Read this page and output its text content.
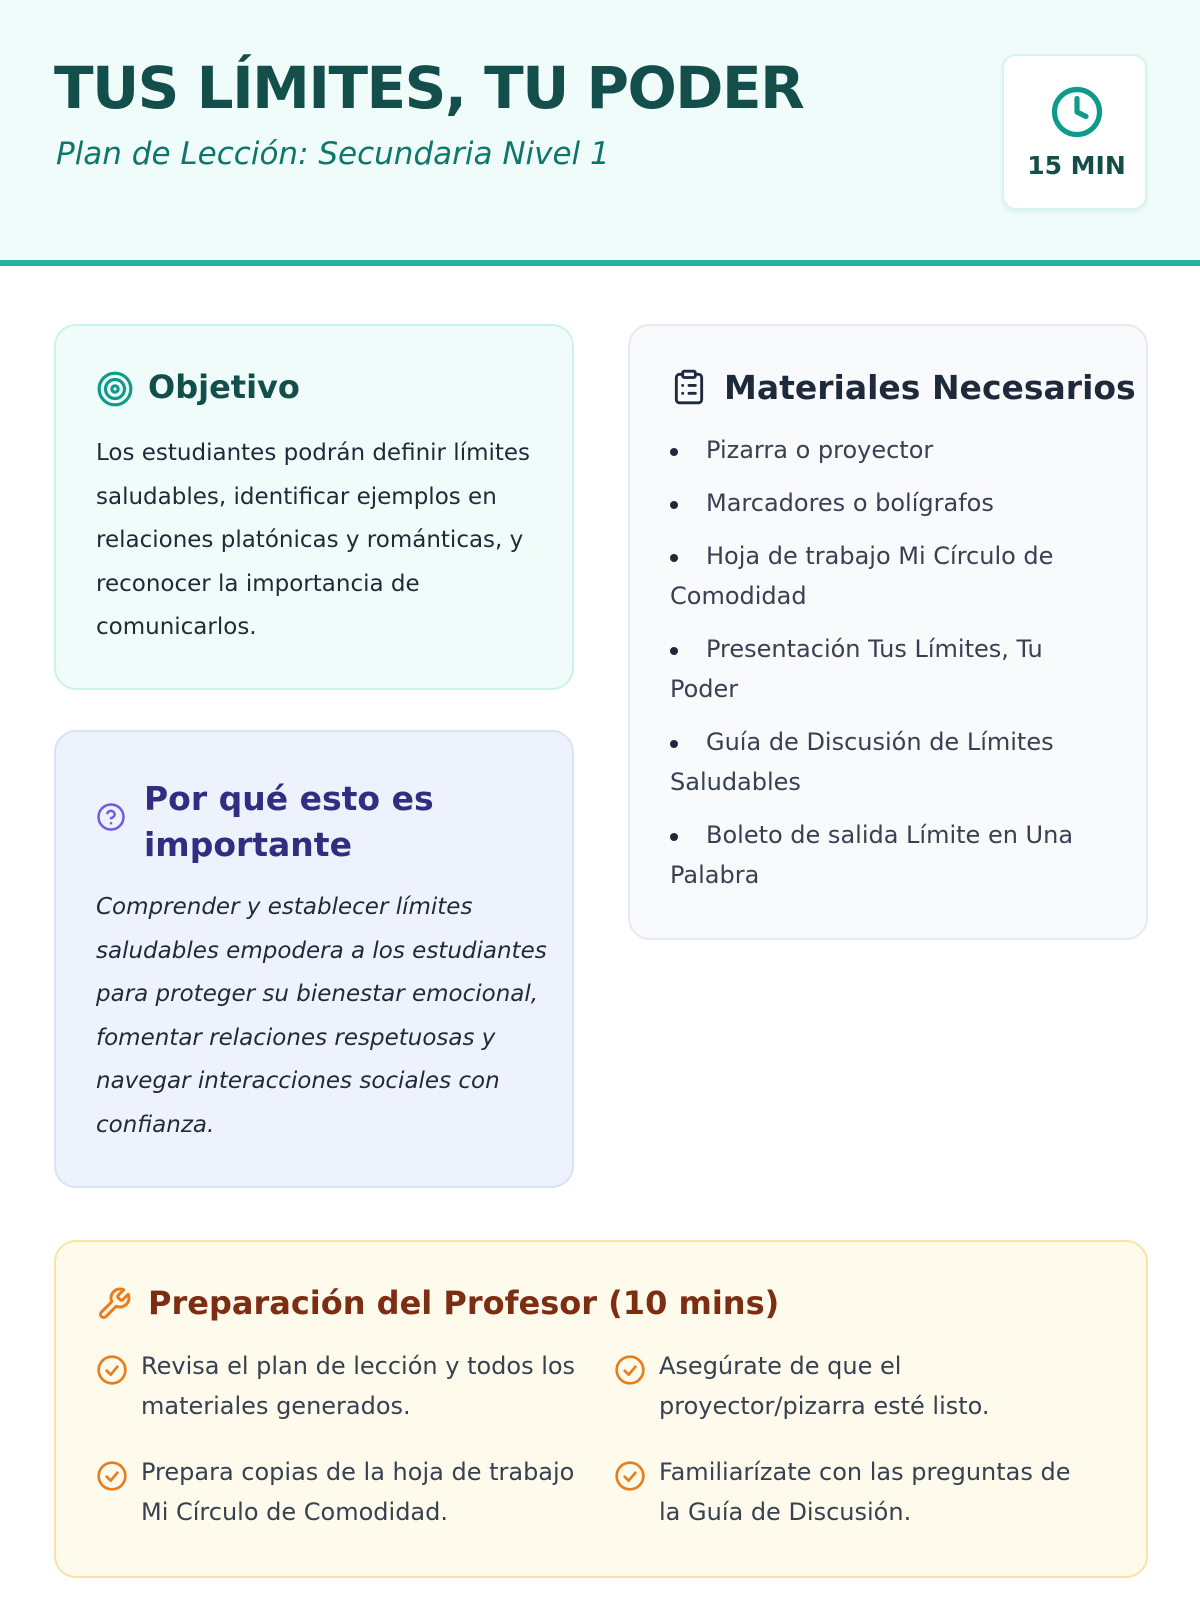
TUS LÍMITES, TU PODER
Plan de Lección: Secundaria Nivel 1	15 MIN
Objetivo
Los estudiantes podrán definir límites saludables, identificar ejemplos en relaciones platónicas y románticas, y reconocer la importancia de comunicarlos.
Por qué esto es importante
Comprender y establecer límites saludables empodera a los estudiantes para proteger su bienestar emocional, fomentar relaciones respetuosas y navegar interacciones sociales con confianza.
Materiales Necesarios
Pizarra o proyector
Marcadores o bolígrafos
Hoja de trabajo Mi Círculo de Comodidad
Presentación Tus Límites, Tu Poder
Guía de Discusión de Límites Saludables
Boleto de salida Límite en Una Palabra
Preparación del Profesor (10 mins)
Revisa el plan de lección y todos los materiales generados.
Asegúrate de que el proyector/pizarra esté listo.
Prepara copias de la hoja de trabajo Mi Círculo de Comodidad.
Familiarízate con las preguntas de la Guía de Discusión.
